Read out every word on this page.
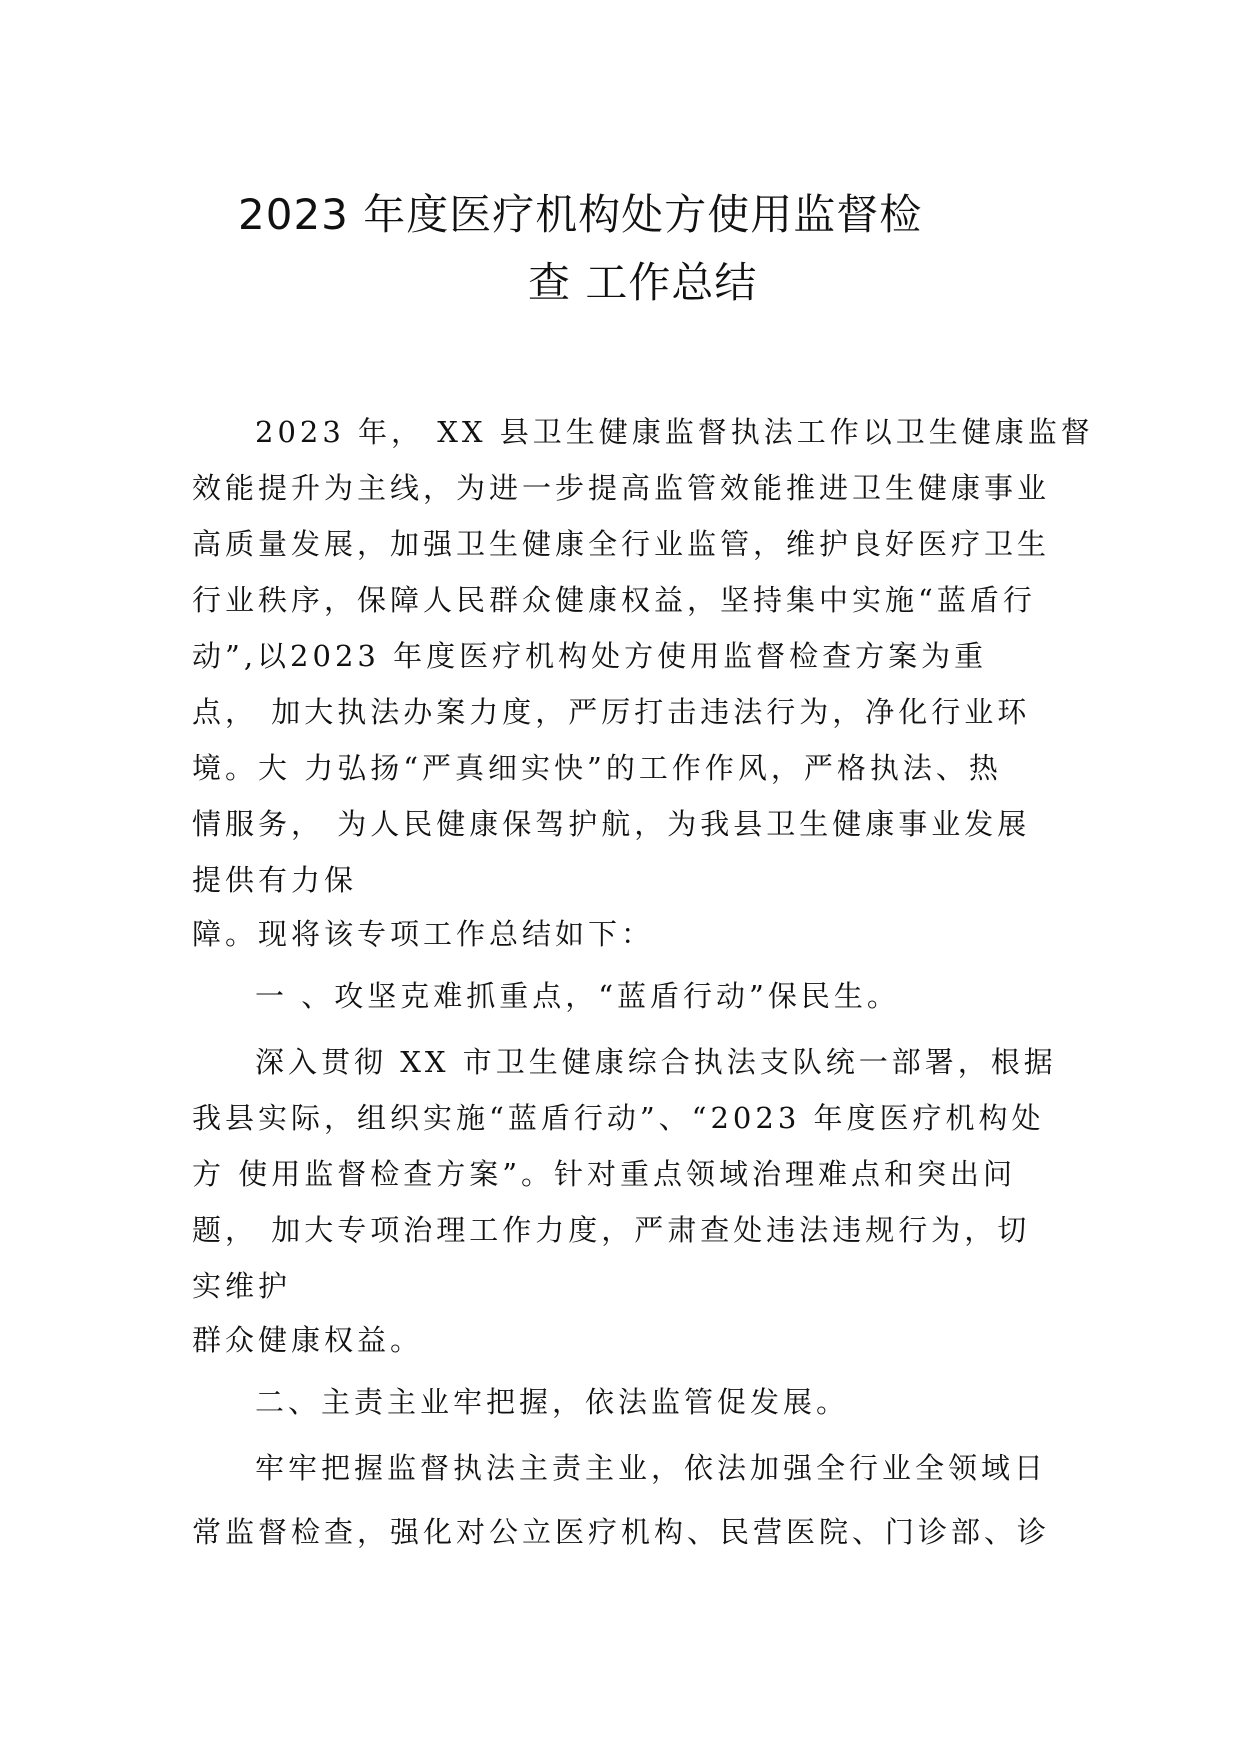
2023 年度医疗机构处方使用监督检
查 工作总结
2023 年， XX 县卫生健康监督执法工作以卫生健康监督
效能提升为主线，为进一步提高监管效能推进卫生健康事业
高质量发展，加强卫生健康全行业监管，维护良好医疗卫生
行业秩序，保障人民群众健康权益，坚持集中实施“蓝盾行
动”,以2023 年度医疗机构处方使用监督检查方案为重
点， 加大执法办案力度，严厉打击违法行为，净化行业环
境。大 力弘扬“严真细实快”的工作作风，严格执法、热
情服务， 为人民健康保驾护航，为我县卫生健康事业发展
提供有力保
障。现将该专项工作总结如下：
一 、攻坚克难抓重点，“蓝盾行动”保民生。
深入贯彻 XX 市卫生健康综合执法支队统一部署，根据
我县实际，组织实施“蓝盾行动”、“2023 年度医疗机构处
方 使用监督检查方案”。针对重点领域治理难点和突出问
题， 加大专项治理工作力度，严肃查处违法违规行为，切
实维护
群众健康权益。
二、主责主业牢把握，依法监管促发展。
牢牢把握监督执法主责主业，依法加强全行业全领域日
常监督检查，强化对公立医疗机构、民营医院、门诊部、诊
